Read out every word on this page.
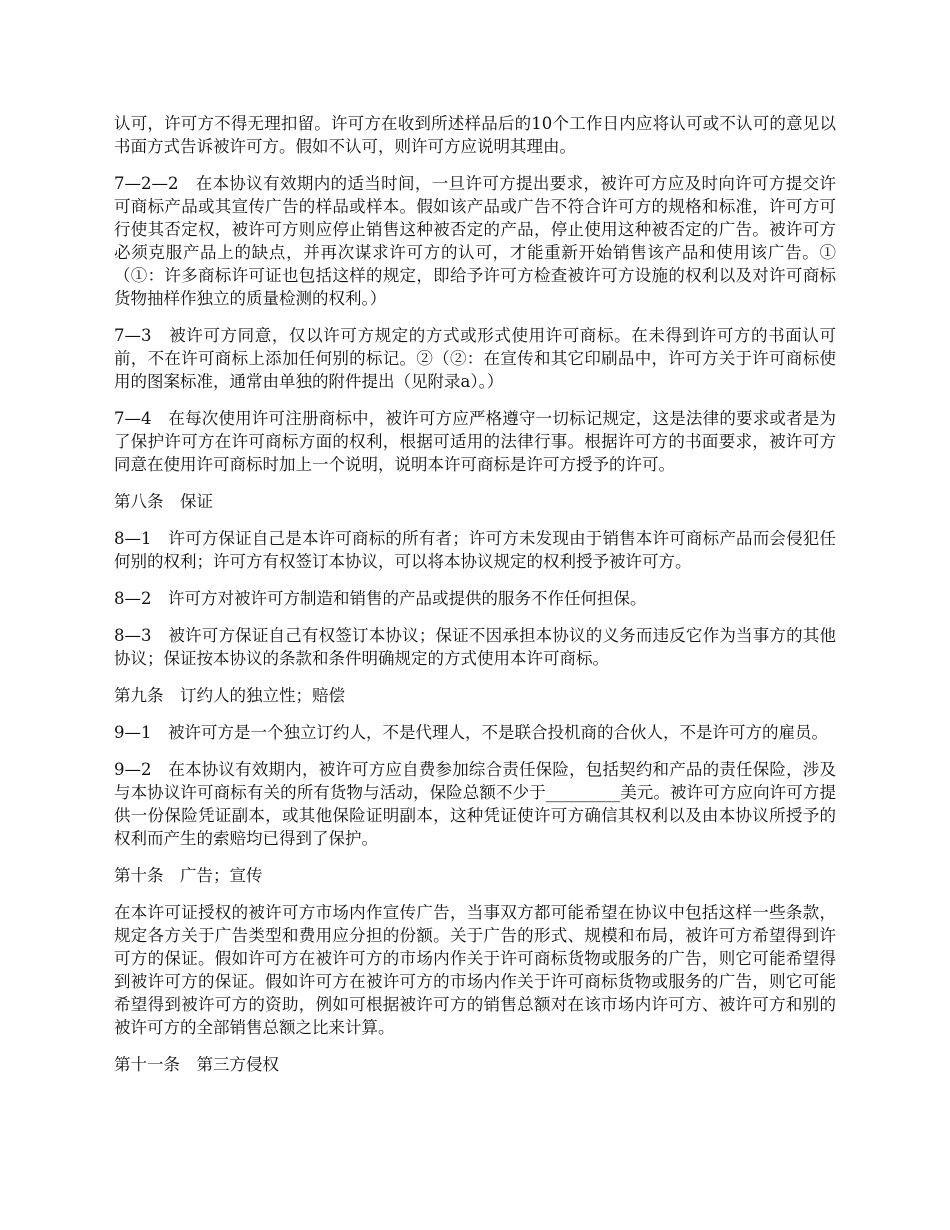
认可，许可方不得无理扣留。许可方在收到所述样品后的10个工作日内应将认可或不认可的意见以书面方式告诉被许可方。假如不认可，则许可方应说明其理由。

7—2—2　在本协议有效期内的适当时间，一旦许可方提出要求，被许可方应及时向许可方提交许可商标产品或其宣传广告的样品或样本。假如该产品或广告不符合许可方的规格和标准，许可方可行使其否定权，被许可方则应停止销售这种被否定的产品，停止使用这种被否定的广告。被许可方必须克服产品上的缺点，并再次谋求许可方的认可，才能重新开始销售该产品和使用该广告。①（①：许多商标许可证也包括这样的规定，即给予许可方检查被许可方设施的权利以及对许可商标货物抽样作独立的质量检测的权利。）

7—3　被许可方同意，仅以许可方规定的方式或形式使用许可商标。在未得到许可方的书面认可前，不在许可商标上添加任何别的标记。②（②：在宣传和其它印刷品中，许可方关于许可商标使用的图案标准，通常由单独的附件提出（见附录a）。）

7—4　在每次使用许可注册商标中，被许可方应严格遵守一切标记规定，这是法律的要求或者是为了保护许可方在许可商标方面的权利，根据可适用的法律行事。根据许可方的书面要求，被许可方同意在使用许可商标时加上一个说明，说明本许可商标是许可方授予的许可。

第八条　保证

8—1　许可方保证自己是本许可商标的所有者；许可方未发现由于销售本许可商标产品而会侵犯任何别的权利；许可方有权签订本协议，可以将本协议规定的权利授予被许可方。

8—2　许可方对被许可方制造和销售的产品或提供的服务不作任何担保。

8—3　被许可方保证自己有权签订本协议；保证不因承担本协议的义务而违反它作为当事方的其他协议；保证按本协议的条款和条件明确规定的方式使用本许可商标。

第九条　订约人的独立性；赔偿

9—1　被许可方是一个独立订约人，不是代理人，不是联合投机商的合伙人，不是许可方的雇员。

9—2　在本协议有效期内，被许可方应自费参加综合责任保险，包括契约和产品的责任保险，涉及与本协议许可商标有关的所有货物与活动，保险总额不少于_________美元。被许可方应向许可方提供一份保险凭证副本，或其他保险证明副本，这种凭证使许可方确信其权利以及由本协议所授予的权利而产生的索赔均已得到了保护。

第十条　广告；宣传

在本许可证授权的被许可方市场内作宣传广告，当事双方都可能希望在协议中包括这样一些条款，规定各方关于广告类型和费用应分担的份额。关于广告的形式、规模和布局，被许可方希望得到许可方的保证。假如许可方在被许可方的市场内作关于许可商标货物或服务的广告，则它可能希望得到被许可方的保证。假如许可方在被许可方的市场内作关于许可商标货物或服务的广告，则它可能希望得到被许可方的资助，例如可根据被许可方的销售总额对在该市场内许可方、被许可方和别的被许可方的全部销售总额之比来计算。

第十一条　第三方侵权
